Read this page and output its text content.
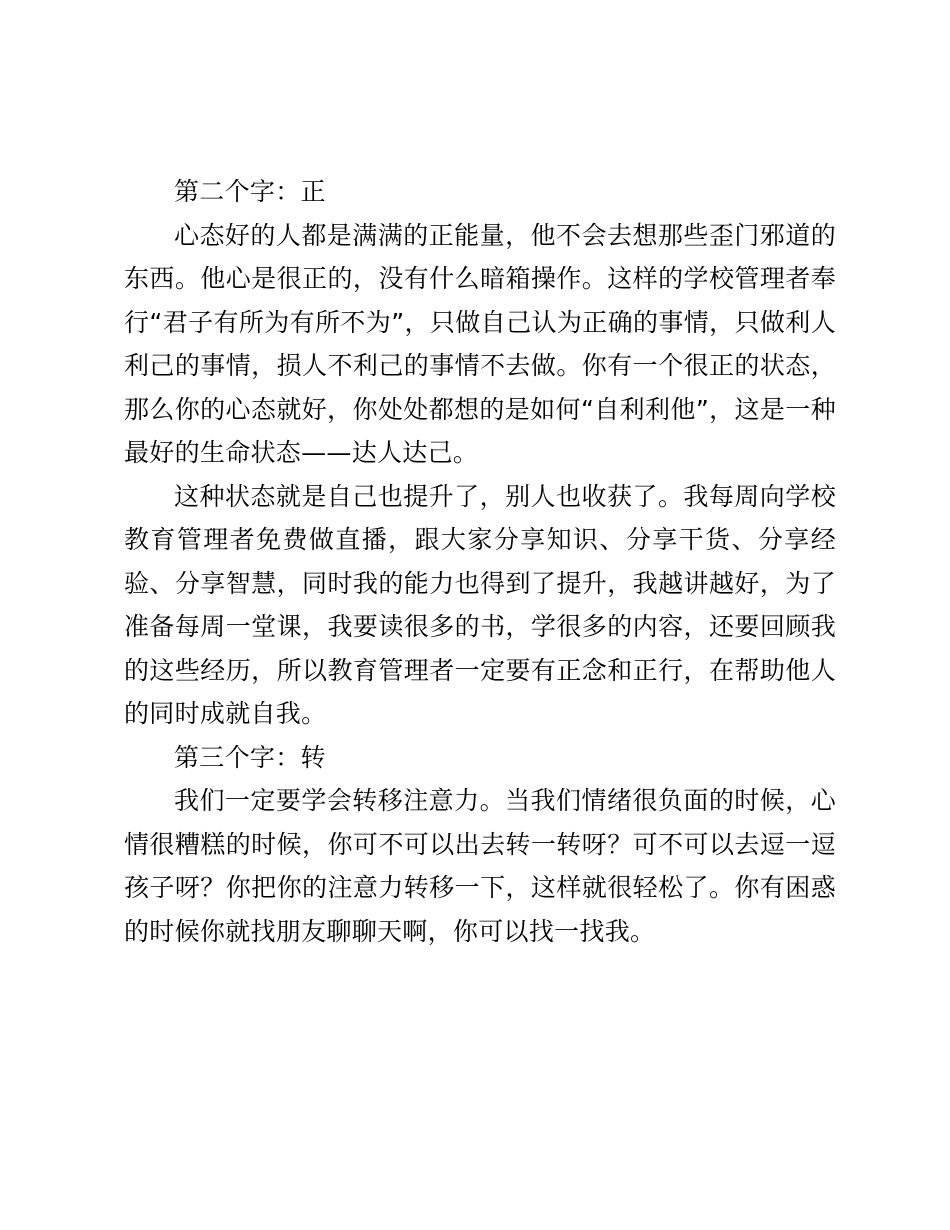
第二个字：正

心态好的人都是满满的正能量，他不会去想那些歪门邪道的东西。他心是很正的，没有什么暗箱操作。这样的学校管理者奉行“君子有所为有所不为”，只做自己认为正确的事情，只做利人利己的事情，损人不利己的事情不去做。你有一个很正的状态，那么你的心态就好，你处处都想的是如何“自利利他”，这是一种最好的生命状态——达人达己。

这种状态就是自己也提升了，别人也收获了。我每周向学校教育管理者免费做直播，跟大家分享知识、分享干货、分享经验、分享智慧，同时我的能力也得到了提升，我越讲越好，为了准备每周一堂课，我要读很多的书，学很多的内容，还要回顾我的这些经历，所以教育管理者一定要有正念和正行，在帮助他人的同时成就自我。

第三个字：转

我们一定要学会转移注意力。当我们情绪很负面的时候，心情很糟糕的时候，你可不可以出去转一转呀？可不可以去逗一逗孩子呀？你把你的注意力转移一下，这样就很轻松了。你有困惑的时候你就找朋友聊聊天啊，你可以找一找我。
